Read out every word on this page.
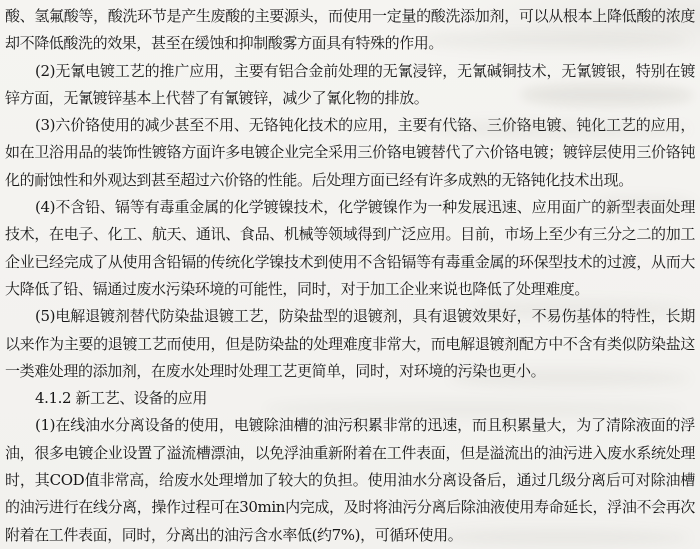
酸、氢氟酸等，酸洗环节是产生废酸的主要源头，而使用一定量的酸洗添加剂，可以从根本上降低酸的浓度却不降低酸洗的效果，甚至在缓蚀和抑制酸雾方面具有特殊的作用。

(2)无氰电镀工艺的推广应用，主要有铝合金前处理的无氰浸锌，无氰碱铜技术，无氰镀银，特别在镀锌方面，无氰镀锌基本上代替了有氰镀锌，减少了氰化物的排放。

(3)六价铬使用的减少甚至不用、无铬钝化技术的应用，主要有代铬、三价铬电镀、钝化工艺的应用，如在卫浴用品的装饰性镀铬方面许多电镀企业完全采用三价铬电镀替代了六价铬电镀；镀锌层使用三价铬钝化的耐蚀性和外观达到甚至超过六价铬的性能。后处理方面已经有许多成熟的无铬钝化技术出现。

(4)不含铅、镉等有毒重金属的化学镀镍技术，化学镀镍作为一种发展迅速、应用面广的新型表面处理技术，在电子、化工、航天、通讯、食品、机械等领域得到广泛应用。目前，市场上至少有三分之二的加工企业已经完成了从使用含铅镉的传统化学镍技术到使用不含铅镉等有毒重金属的环保型技术的过渡，从而大大降低了铅、镉通过废水污染环境的可能性，同时，对于加工企业来说也降低了处理难度。

(5)电解退镀剂替代防染盐退镀工艺，防染盐型的退镀剂，具有退镀效果好，不易伤基体的特性，长期以来作为主要的退镀工艺而使用，但是防染盐的处理难度非常大，而电解退镀剂配方中不含有类似防染盐这一类难处理的添加剂，在废水处理时处理工艺更简单，同时，对环境的污染也更小。

4.1.2 新工艺、设备的应用

(1)在线油水分离设备的使用，电镀除油槽的油污积累非常的迅速，而且积累量大，为了清除液面的浮油，很多电镀企业设置了溢流槽漂油，以免浮油重新附着在工件表面，但是溢流出的油污进入废水系统处理时，其COD值非常高，给废水处理增加了较大的负担。使用油水分离设备后，通过几级分离后可对除油槽的油污进行在线分离，操作过程可在30min内完成，及时将油污分离后除油液使用寿命延长，浮油不会再次附着在工件表面，同时，分离出的油污含水率低(约7%)，可循环使用。
